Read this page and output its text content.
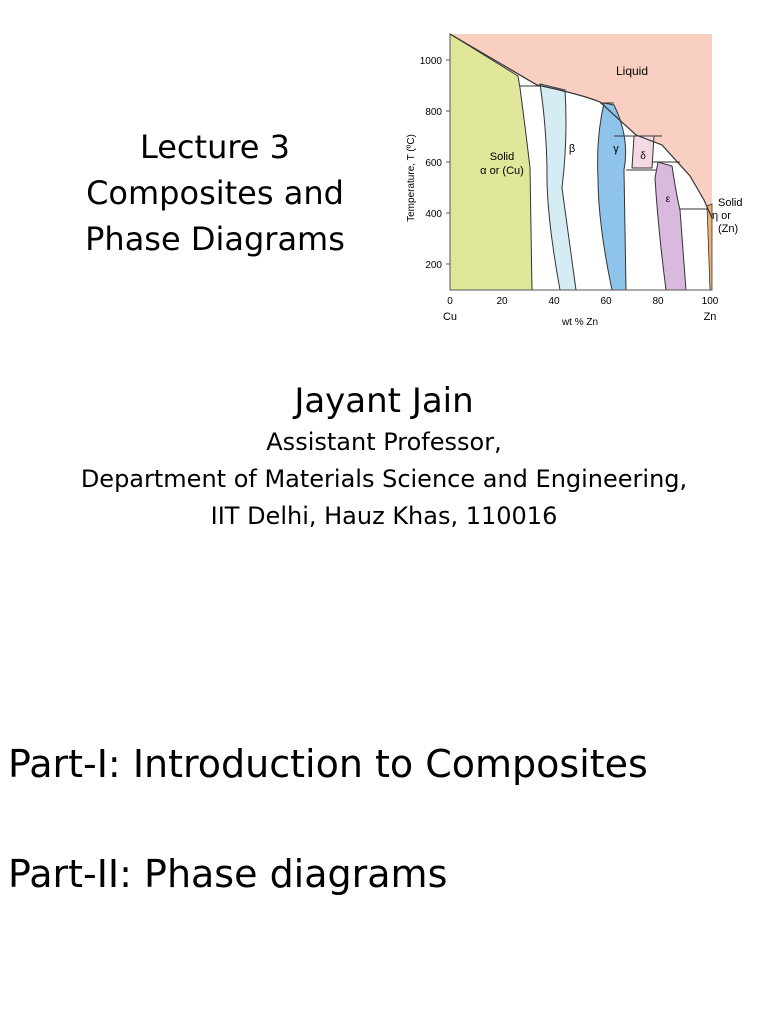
Lecture 3
Composites and
Phase Diagrams
1000
800
600
400
200
Temperature, T (ºC)
0	20	40	60	80	100
Cu	Zn
wt % Zn
Liquid
Solid
α or (Cu)
β	γ
δ
ε	Solid
η or
(Zn)
Jayant Jain
Assistant Professor,
Department of Materials Science and Engineering,
IIT Delhi, Hauz Khas, 110016
Part-I: Introduction to Composites
Part-II: Phase diagrams
